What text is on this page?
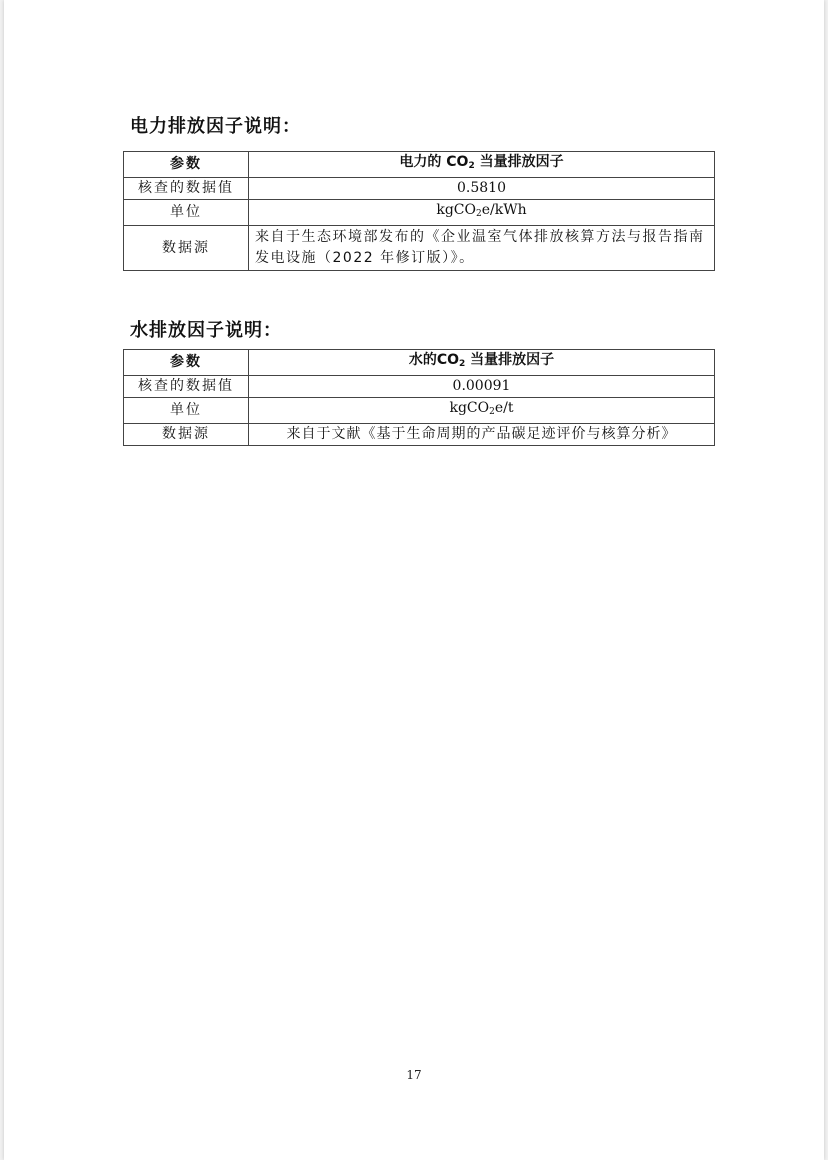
电力排放因子说明：
参数	电力的 $CO_2$ 当量排放因子
核查的数据值	0.5810
单位	kgCO$_2$e/kWh
数据源	来自于生态环境部发布的《企业温室气体排放核算方法与报告指南发电设施（2022 年修订版）》。
水排放因子说明：
参数	水的$CO_2$ 当量排放因子
核查的数据值	0.00091
单位	kgCO$_2$e/t
数据源	来自于文献《基于生命周期的产品碳足迹评价与核算分析》
17
